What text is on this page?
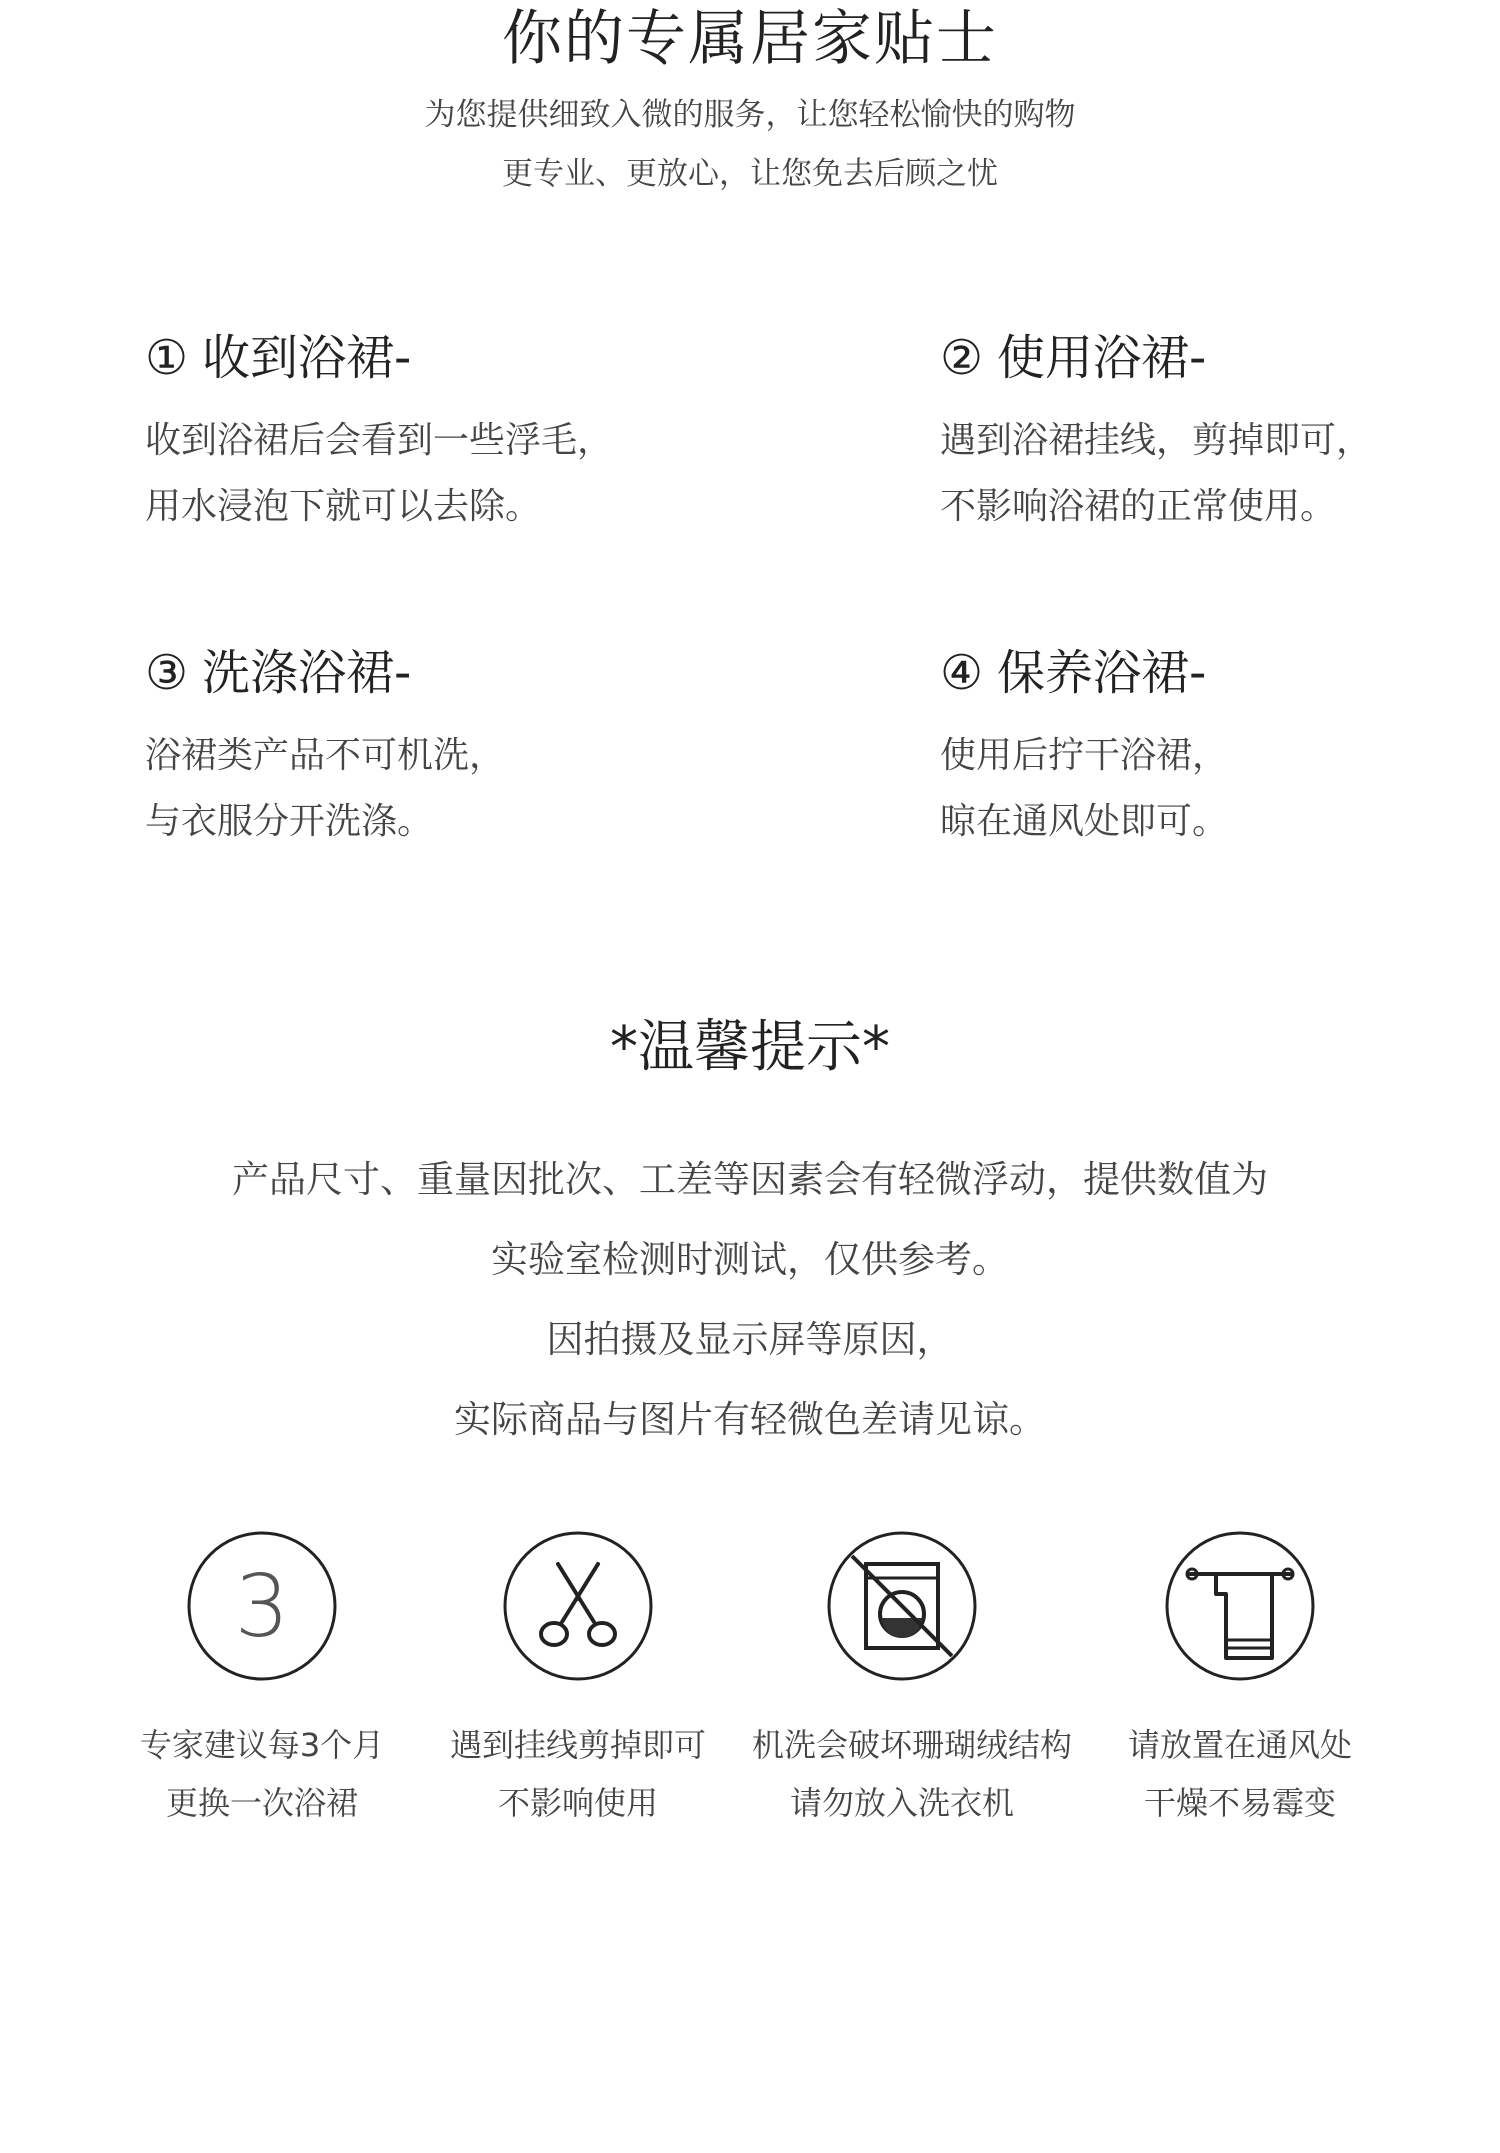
你的专属居家贴士
为您提供细致入微的服务，让您轻松愉快的购物
更专业、更放心，让您免去后顾之忧
① 收到浴裙-
收到浴裙后会看到一些浮毛，
用水浸泡下就可以去除。
② 使用浴裙-
遇到浴裙挂线，剪掉即可，
不影响浴裙的正常使用。
③ 洗涤浴裙-
浴裙类产品不可机洗，
与衣服分开洗涤。
④ 保养浴裙-
使用后拧干浴裙，
晾在通风处即可。
*温馨提示*
产品尺寸、重量因批次、工差等因素会有轻微浮动，提供数值为
实验室检测时测试，仅供参考。
因拍摄及显示屏等原因，
实际商品与图片有轻微色差请见谅。
3
专家建议每3个月
更换一次浴裙
遇到挂线剪掉即可
不影响使用
机洗会破坏珊瑚绒结构
请勿放入洗衣机
请放置在通风处
干燥不易霉变
